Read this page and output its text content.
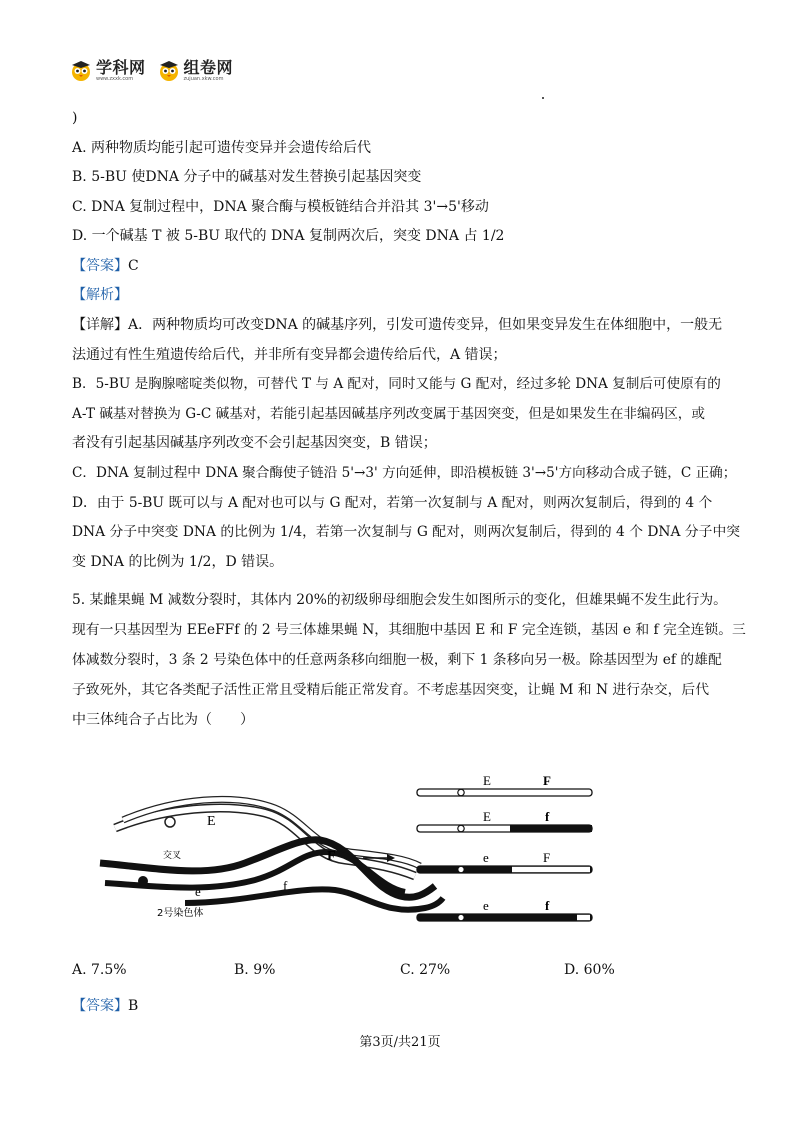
学科网
www.zxxk.com
组卷网
zujuan.xkw.com
)
A. 两种物质均能引起可遗传变异并会遗传给后代
B. 5-BU 使DNA 分子中的碱基对发生替换引起基因突变
C. DNA 复制过程中，DNA 聚合酶与模板链结合并沿其 3'→5'移动
D. 一个碱基 T 被 5-BU 取代的 DNA 复制两次后，突变 DNA 占 1/2
【答案】C
【解析】
【详解】A．两种物质均可改变DNA 的碱基序列，引发可遗传变异，但如果变异发生在体细胞中，一般无
法通过有性生殖遗传给后代，并非所有变异都会遗传给后代，A 错误；
B．5-BU 是胸腺嘧啶类似物，可替代 T 与 A 配对，同时又能与 G 配对，经过多轮 DNA 复制后可使原有的
A-T 碱基对替换为 G-C 碱基对，若能引起基因碱基序列改变属于基因突变，但是如果发生在非编码区，或
者没有引起基因碱基序列改变不会引起基因突变，B 错误；
C．DNA 复制过程中 DNA 聚合酶使子链沿 5'→3' 方向延伸，即沿模板链 3'→5'方向移动合成子链，C 正确；
D．由于 5-BU 既可以与 A 配对也可以与 G 配对，若第一次复制与 A 配对，则两次复制后，得到的 4 个
DNA 分子中突变 DNA 的比例为 1/4，若第一次复制与 G 配对，则两次复制后，得到的 4 个 DNA 分子中突
变 DNA 的比例为 1/2，D 错误。
5. 某雌果蝇 M 减数分裂时，其体内 20%的初级卵母细胞会发生如图所示的变化，但雄果蝇不发生此行为。
现有一只基因型为 EEeFFf 的 2 号三体雄果蝇 N，其细胞中基因 E 和 F 完全连锁，基因 e 和 f 完全连锁。三
体减数分裂时，3 条 2 号染色体中的任意两条移向细胞一极，剩下 1 条移向另一极。除基因型为 ef 的雄配
子致死外，其它各类配子活性正常且受精后能正常发育。不考虑基因突变，让蝇 M 和 N 进行杂交，后代
中三体纯合子占比为（　　）
E
F
e	f
交叉
2号染色体
E	F
E	f
e	F
e	f
A. 7.5%	B. 9%	C. 27%	D. 60%
【答案】B
第3页/共21页
